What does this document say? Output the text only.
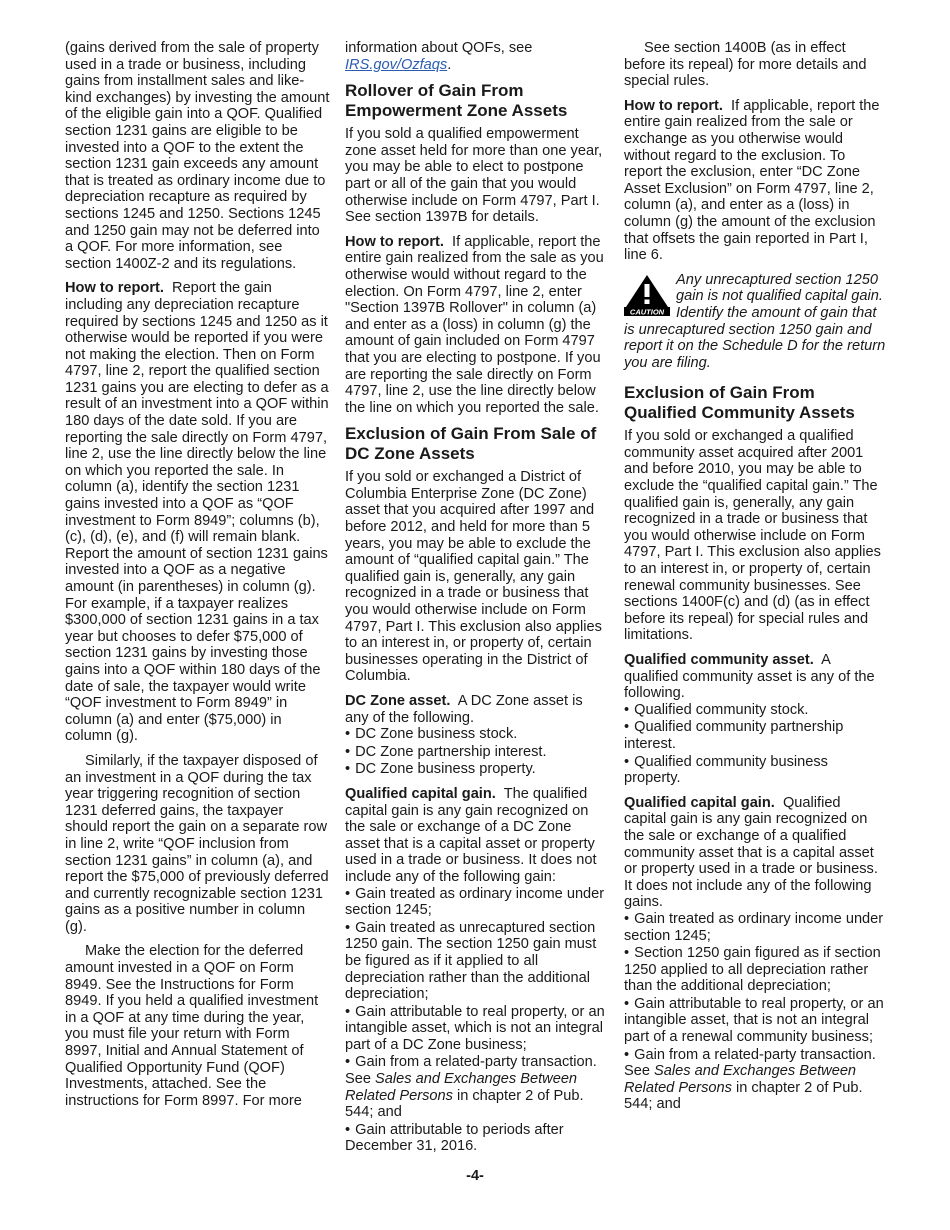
(gains derived from the sale of property used in a trade or business, including gains from installment sales and like-kind exchanges) by investing the amount of the eligible gain into a QOF. Qualified section 1231 gains are eligible to be invested into a QOF to the extent the section 1231 gain exceeds any amount that is treated as ordinary income due to depreciation recapture as required by sections 1245 and 1250. Sections 1245 and 1250 gain may not be deferred into a QOF. For more information, see section 1400Z-2 and its regulations.

How to report. Report the gain including any depreciation recapture required by sections 1245 and 1250 as it otherwise would be reported if you were not making the election. Then on Form 4797, line 2, report the qualified section 1231 gains you are electing to defer as a result of an investment into a QOF within 180 days of the date sold. If you are reporting the sale directly on Form 4797, line 2, use the line directly below the line on which you reported the sale. In column (a), identify the section 1231 gains invested into a QOF as “QOF investment to Form 8949”; columns (b), (c), (d), (e), and (f) will remain blank. Report the amount of section 1231 gains invested into a QOF as a negative amount (in parentheses) in column (g). For example, if a taxpayer realizes $300,000 of section 1231 gains in a tax year but chooses to defer $75,000 of section 1231 gains by investing those gains into a QOF within 180 days of the date of sale, the taxpayer would write “QOF investment to Form 8949” in column (a) and enter ($75,000) in column (g).

Similarly, if the taxpayer disposed of an investment in a QOF during the tax year triggering recognition of section 1231 deferred gains, the taxpayer should report the gain on a separate row in line 2, write “QOF inclusion from section 1231 gains” in column (a), and report the $75,000 of previously deferred and currently recognizable section 1231 gains as a positive number in column (g).

Make the election for the deferred amount invested in a QOF on Form 8949. See the Instructions for Form 8949. If you held a qualified investment in a QOF at any time during the year, you must file your return with Form 8997, Initial and Annual Statement of Qualified Opportunity Fund (QOF) Investments, attached. See the instructions for Form 8997. For more

information about QOFs, see IRS.gov/Ozfaqs.

Rollover of Gain From Empowerment Zone Assets

If you sold a qualified empowerment zone asset held for more than one year, you may be able to elect to postpone part or all of the gain that you would otherwise include on Form 4797, Part I. See section 1397B for details.

How to report. If applicable, report the entire gain realized from the sale as you otherwise would without regard to the election. On Form 4797, line 2, enter "Section 1397B Rollover" in column (a) and enter as a (loss) in column (g) the amount of gain included on Form 4797 that you are electing to postpone. If you are reporting the sale directly on Form 4797, line 2, use the line directly below the line on which you reported the sale.

Exclusion of Gain From Sale of DC Zone Assets

If you sold or exchanged a District of Columbia Enterprise Zone (DC Zone) asset that you acquired after 1997 and before 2012, and held for more than 5 years, you may be able to exclude the amount of “qualified capital gain.” The qualified gain is, generally, any gain recognized in a trade or business that you would otherwise include on Form 4797, Part I. This exclusion also applies to an interest in, or property of, certain businesses operating in the District of Columbia.

DC Zone asset. A DC Zone asset is any of the following.

• DC Zone business stock.
• DC Zone partnership interest.
• DC Zone business property.

Qualified capital gain. The qualified capital gain is any gain recognized on the sale or exchange of a DC Zone asset that is a capital asset or property used in a trade or business. It does not include any of the following gain:

• Gain treated as ordinary income under section 1245;
• Gain treated as unrecaptured section 1250 gain. The section 1250 gain must be figured as if it applied to all depreciation rather than the additional depreciation;
• Gain attributable to real property, or an intangible asset, which is not an integral part of a DC Zone business;
• Gain from a related-party transaction. See Sales and Exchanges Between Related Persons in chapter 2 of Pub. 544; and
• Gain attributable to periods after December 31, 2016.

See section 1400B (as in effect before its repeal) for more details and special rules.

How to report. If applicable, report the entire gain realized from the sale or exchange as you otherwise would without regard to the exclusion. To report the exclusion, enter “DC Zone Asset Exclusion” on Form 4797, line 2, column (a), and enter as a (loss) in column (g) the amount of the exclusion that offsets the gain reported in Part I, line 6.

CAUTION
Any unrecaptured section 1250 gain is not qualified capital gain. Identify the amount of gain that is unrecaptured section 1250 gain and report it on the Schedule D for the return you are filing.
Exclusion of Gain From Qualified Community Assets

If you sold or exchanged a qualified community asset acquired after 2001 and before 2010, you may be able to exclude the “qualified capital gain.” The qualified gain is, generally, any gain recognized in a trade or business that you would otherwise include on Form 4797, Part I. This exclusion also applies to an interest in, or property of, certain renewal community businesses. See sections 1400F(c) and (d) (as in effect before its repeal) for special rules and limitations.

Qualified community asset. A qualified community asset is any of the following.

• Qualified community stock.
• Qualified community partnership interest.
• Qualified community business property.

Qualified capital gain. Qualified capital gain is any gain recognized on the sale or exchange of a qualified community asset that is a capital asset or property used in a trade or business. It does not include any of the following gains.

• Gain treated as ordinary income under section 1245;
• Section 1250 gain figured as if section 1250 applied to all depreciation rather than the additional depreciation;
• Gain attributable to real property, or an intangible asset, that is not an integral part of a renewal community business;
• Gain from a related-party transaction. See Sales and Exchanges Between Related Persons in chapter 2 of Pub. 544; and
-4-
